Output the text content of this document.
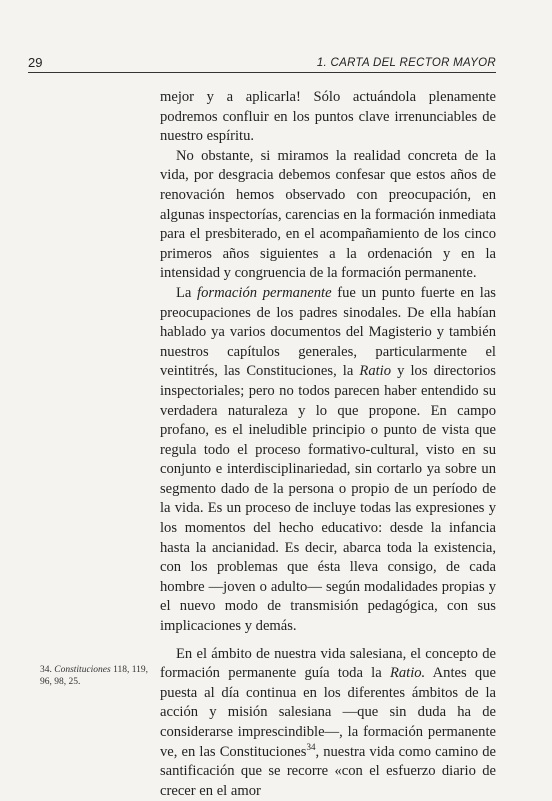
29	1. CARTA DEL RECTOR MAYOR

mejor y a aplicarla! Sólo actuándola plenamente podremos confluir en los puntos clave irrenunciables de nuestro espíritu.

No obstante, si miramos la realidad concreta de la vida, por desgracia debemos confesar que estos años de renovación hemos observado con preocupación, en algunas inspectorías, carencias en la formación inmediata para el presbiterado, en el acompañamiento de los cinco primeros años siguientes a la ordenación y en la intensidad y congruencia de la formación permanente.

La formación permanente fue un punto fuerte en las preocupaciones de los padres sinodales. De ella habían hablado ya varios documentos del Magisterio y también nuestros capítulos generales, particularmente el veintitrés, las Constituciones, la Ratio y los directorios inspectoriales; pero no todos parecen haber entendido su verdadera naturaleza y lo que propone. En campo profano, es el ineludible principio o punto de vista que regula todo el proceso formativo-cultural, visto en su conjunto e interdisciplinariedad, sin cortarlo ya sobre un segmento dado de la persona o propio de un período de la vida. Es un proceso de incluye todas las expresiones y los momentos del hecho educativo: desde la infancia hasta la ancianidad. Es decir, abarca toda la existencia, con los problemas que ésta lleva consigo, de cada hombre —joven o adulto— según modalidades propias y el nuevo modo de transmisión pedagógica, con sus implicaciones y demás.

En el ámbito de nuestra vida salesiana, el concepto de formación permanente guía toda la Ratio. Antes que puesta al día continua en los diferentes ámbitos de la acción y misión salesiana —que sin duda ha de considerarse imprescindible—, la formación permanente ve, en las Constituciones$^{34}$, nuestra vida como camino de santificación que se recorre «con el esfuerzo diario de crecer en el amor

34. Constituciones 118, 119, 96, 98, 25.
